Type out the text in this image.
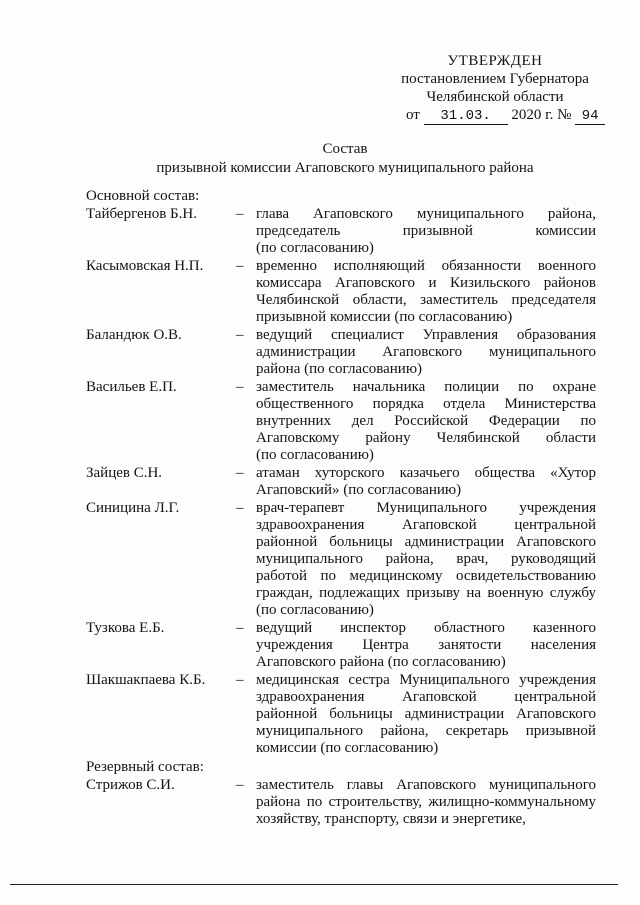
УТВЕРЖДЕН
постановлением Губернатора
Челябинской области
от 31.03. 2020 г. № 94
Состав
призывной комиссии Агаповского муниципального района
Основной состав:
Тайбергенов Б.Н.	– глава Агаповского муниципального района,
председатель	призывной	комиссии
(по согласованию)
Касымовская Н.П. – временно исполняющий обязанности военного
комиссара Агаповского и Кизильского районов
Челябинской области, заместитель председателя
призывной комиссии (по согласованию)
Баландюк О.В.	– ведущий специалист Управления образования
администрации Агаповского муниципального
района (по согласованию)
Васильев Е.П.	– заместитель начальника полиции по охране
общественного порядка отдела Министерства
внутренних дел Российской Федерации по
Агаповскому району Челябинской области
(по согласованию)
Зайцев С.Н.	– атаман хуторского казачьего общества «Хутор
Агаповский» (по согласованию)
Синицина Л.Г.	– врач-терапевт Муниципального учреждения
здравоохранения	Агаповской	центральной
районной больницы администрации Агаповского
муниципального района, врач, руководящий
работой по медицинскому освидетельствованию
граждан, подлежащих призыву на военную службу
(по согласованию)
Тузкова Е.Б.	– ведущий инспектор областного казенного
учреждения Центра занятости населения
Агаповского района (по согласованию)
Шакшакпаева К.Б. – медицинская сестра Муниципального учреждения
здравоохранения	Агаповской	центральной
районной больницы администрации Агаповского
муниципального района, секретарь призывной
комиссии (по согласованию)
Стрижов С.И.	– заместитель главы Агаповского муниципального
района по строительству, жилищно-коммунальному
хозяйству, транспорту, связи и энергетике,
Резервный состав:
